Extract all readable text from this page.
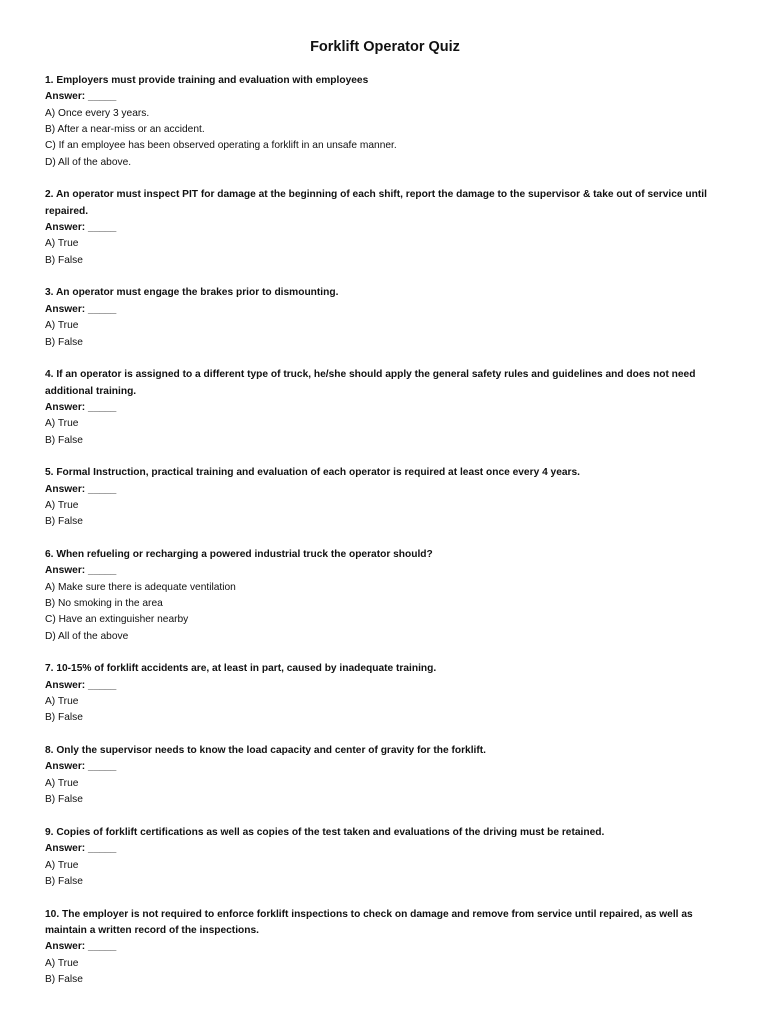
Forklift Operator Quiz
1. Employers must provide training and evaluation with employees
Answer: _____
A) Once every 3 years.
B) After a near-miss or an accident.
C) If an employee has been observed operating a forklift in an unsafe manner.
D) All of the above.
2. An operator must inspect PIT for damage at the beginning of each shift, report the damage to the supervisor & take out of service until repaired.
Answer: _____
A) True
B) False
3. An operator must engage the brakes prior to dismounting.
Answer: _____
A) True
B) False
4. If an operator is assigned to a different type of truck, he/she should apply the general safety rules and guidelines and does not need additional training.
Answer: _____
A) True
B) False
5. Formal Instruction, practical training and evaluation of each operator is required at least once every 4 years.
Answer: _____
A) True
B) False
6. When refueling or recharging a powered industrial truck the operator should?
Answer: _____
A) Make sure there is adequate ventilation
B) No smoking in the area
C) Have an extinguisher nearby
D) All of the above
7. 10-15% of forklift accidents are, at least in part, caused by inadequate training.
Answer: _____
A) True
B) False
8. Only the supervisor needs to know the load capacity and center of gravity for the forklift.
Answer: _____
A) True
B) False
9. Copies of forklift certifications as well as copies of the test taken and evaluations of the driving must be retained.
Answer: _____
A) True
B) False
10. The employer is not required to enforce forklift inspections to check on damage and remove from service until repaired, as well as maintain a written record of the inspections.
Answer: _____
A) True
B) False
